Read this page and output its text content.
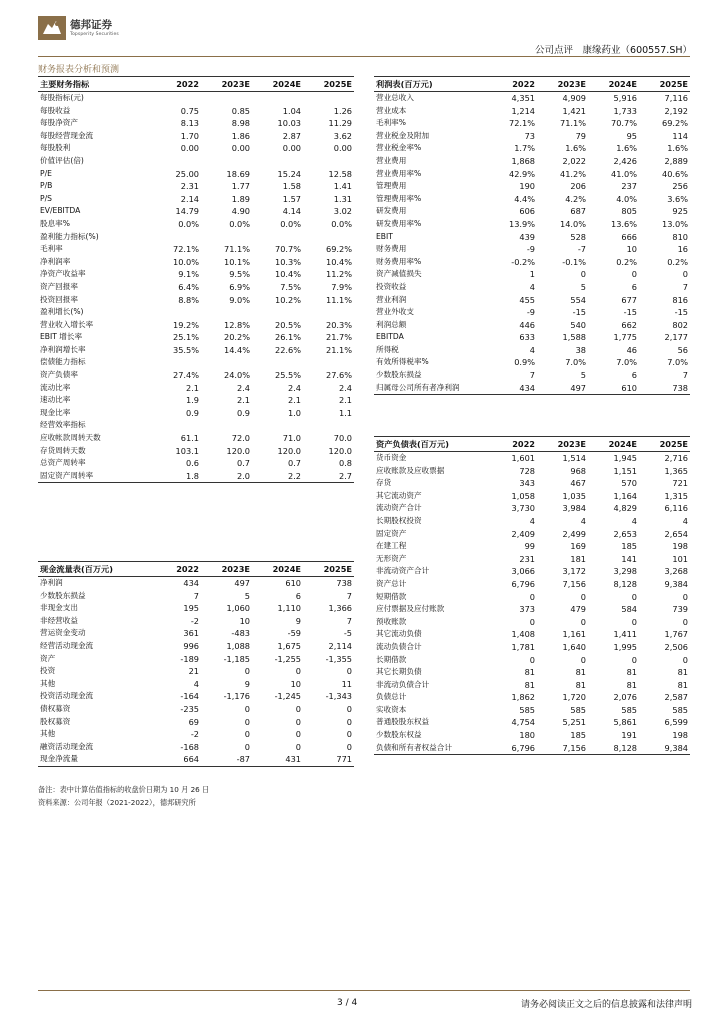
德邦证券
Topsperity Securities
公司点评　康缘药业（600557.SH）
财务报表分析和预测
主要财务指标	2022	2023E	2024E	2025E
每股指标(元)				
每股收益	0.75	0.85	1.04	1.26
每股净资产	8.13	8.98	10.03	11.29
每股经营现金流	1.70	1.86	2.87	3.62
每股股利	0.00	0.00	0.00	0.00
价值评估(倍)				
P/E	25.00	18.69	15.24	12.58
P/B	2.31	1.77	1.58	1.41
P/S	2.14	1.89	1.57	1.31
EV/EBITDA	14.79	4.90	4.14	3.02
股息率%	0.0%	0.0%	0.0%	0.0%
盈利能力指标(%)				
毛利率	72.1%	71.1%	70.7%	69.2%
净利润率	10.0%	10.1%	10.3%	10.4%
净资产收益率	9.1%	9.5%	10.4%	11.2%
资产回报率	6.4%	6.9%	7.5%	7.9%
投资回报率	8.8%	9.0%	10.2%	11.1%
盈利增长(%)				
营业收入增长率	19.2%	12.8%	20.5%	20.3%
EBIT 增长率	25.1%	20.2%	26.1%	21.7%
净利润增长率	35.5%	14.4%	22.6%	21.1%
偿债能力指标				
资产负债率	27.4%	24.0%	25.5%	27.6%
流动比率	2.1	2.4	2.4	2.4
速动比率	1.9	2.1	2.1	2.1
现金比率	0.9	0.9	1.0	1.1
经营效率指标				
应收帐款周转天数	61.1	72.0	71.0	70.0
存货周转天数	103.1	120.0	120.0	120.0
总资产周转率	0.6	0.7	0.7	0.8
固定资产周转率	1.8	2.0	2.2	2.7
利润表(百万元)	2022	2023E	2024E	2025E
营业总收入	4,351	4,909	5,916	7,116
营业成本	1,214	1,421	1,733	2,192
毛利率%	72.1%	71.1%	70.7%	69.2%
营业税金及附加	73	79	95	114
营业税金率%	1.7%	1.6%	1.6%	1.6%
营业费用	1,868	2,022	2,426	2,889
营业费用率%	42.9%	41.2%	41.0%	40.6%
管理费用	190	206	237	256
管理费用率%	4.4%	4.2%	4.0%	3.6%
研发费用	606	687	805	925
研发费用率%	13.9%	14.0%	13.6%	13.0%
EBIT	439	528	666	810
财务费用	-9	-7	10	16
财务费用率%	-0.2%	-0.1%	0.2%	0.2%
资产减值损失	1	0	0	0
投资收益	4	5	6	7
营业利润	455	554	677	816
营业外收支	-9	-15	-15	-15
利润总额	446	540	662	802
EBITDA	633	1,588	1,775	2,177
所得税	4	38	46	56
有效所得税率%	0.9%	7.0%	7.0%	7.0%
少数股东损益	7	5	6	7
归属母公司所有者净利润	434	497	610	738
资产负债表(百万元)	2022	2023E	2024E	2025E
货币资金	1,601	1,514	1,945	2,716
应收账款及应收票据	728	968	1,151	1,365
存货	343	467	570	721
其它流动资产	1,058	1,035	1,164	1,315
流动资产合计	3,730	3,984	4,829	6,116
长期股权投资	4	4	4	4
固定资产	2,409	2,499	2,653	2,654
在建工程	99	169	185	198
无形资产	231	181	141	101
非流动资产合计	3,066	3,172	3,298	3,268
资产总计	6,796	7,156	8,128	9,384
短期借款	0	0	0	0
应付票据及应付账款	373	479	584	739
预收账款	0	0	0	0
其它流动负债	1,408	1,161	1,411	1,767
流动负债合计	1,781	1,640	1,995	2,506
长期借款	0	0	0	0
其它长期负债	81	81	81	81
非流动负债合计	81	81	81	81
负债总计	1,862	1,720	2,076	2,587
实收资本	585	585	585	585
普通股股东权益	4,754	5,251	5,861	6,599
少数股东权益	180	185	191	198
负债和所有者权益合计	6,796	7,156	8,128	9,384
现金流量表(百万元)	2022	2023E	2024E	2025E
净利润	434	497	610	738
少数股东损益	7	5	6	7
非现金支出	195	1,060	1,110	1,366
非经营收益	-2	10	9	7
营运资金变动	361	-483	-59	-5
经营活动现金流	996	1,088	1,675	2,114
资产	-189	-1,185	-1,255	-1,355
投资	21	0	0	0
其他	4	9	10	11
投资活动现金流	-164	-1,176	-1,245	-1,343
债权募资	-235	0	0	0
股权募资	69	0	0	0
其他	-2	0	0	0
融资活动现金流	-168	0	0	0
现金净流量	664	-87	431	771
备注：表中计算估值指标的收盘价日期为 10 月 26 日
资料来源：公司年报（2021-2022），德邦研究所
3 / 4	请务必阅读正文之后的信息披露和法律声明
